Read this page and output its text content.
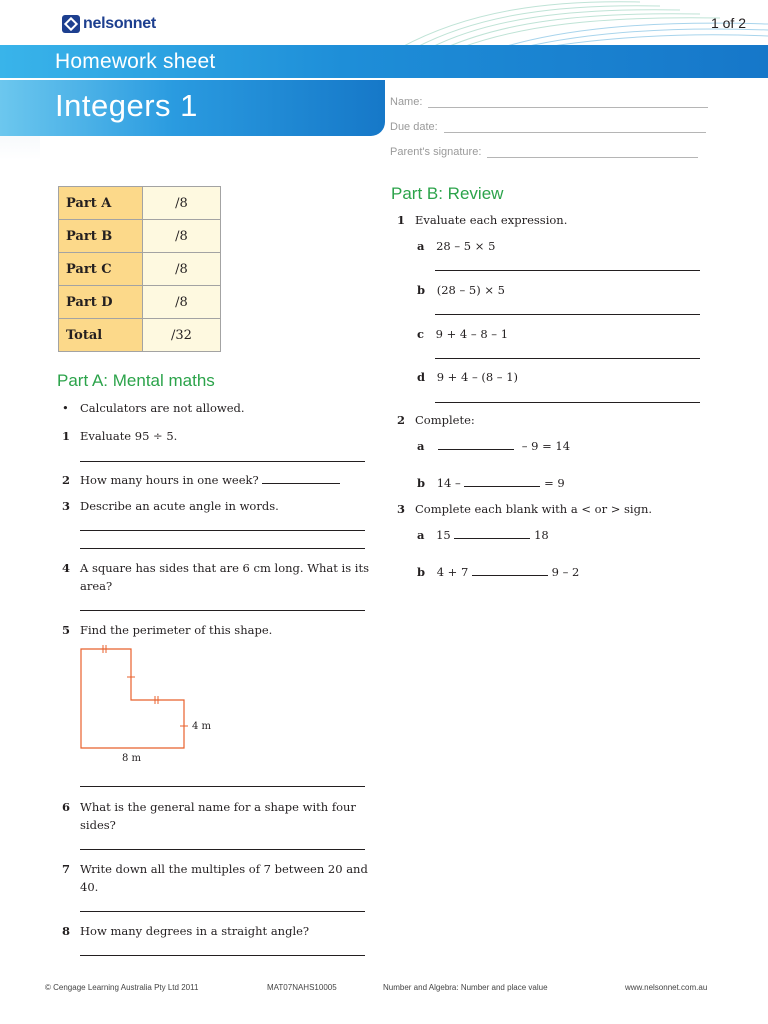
nelsonnet	1 of 2
Homework sheet
Integers 1	Name:
Due date:
Parent's signature:
Part A	/8
Part B	/8
Part C	/8
Part D	/8
Total	/32
Part A: Mental maths
• Calculators are not allowed.
1 Evaluate 95 ÷ 5.
2 How many hours in one week?
3 Describe an acute angle in words.
4 A square has sides that are 6 cm long. What is its area?
5 Find the perimeter of this shape.
4 m
8 m
6 What is the general name for a shape with four sides?
7 Write down all the multiples of 7 between 20 and 40.
8 How many degrees in a straight angle?
Part B: Review
1 Evaluate each expression.
a 28 – 5 × 5
b (28 – 5) × 5
c 9 + 4 – 8 – 1
d 9 + 4 – (8 – 1)
2 Complete:
a	– 9 = 14
b 14 –	= 9
3 Complete each blank with a < or > sign.
a 15	18
b 4 + 7	9 – 2
© Cengage Learning Australia Pty Ltd 2011	MAT07NAHS10005	Number and Algebra: Number and place value	www.nelsonnet.com.au
